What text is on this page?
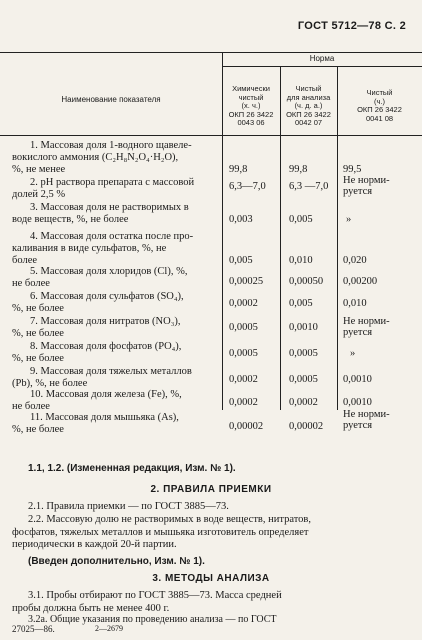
ГОСТ 5712—78 С. 2
Норма
Наименование показателя
Химически
чистый
(х. ч.)
ОКП 26 3422
0043 06
Чистый
для анализа
(ч. д. а.)
ОКП 26 3422
0042 07
Чистый
(ч.)
ОКП 26 3422
0041 08
1. Массовая доля 1-водного щавеле-
вокислого аммония (C₂H₈N₂O₄·H₂O),
%, не менее	99,8	99,8	99,5
2. pH раствора препарата с массовой
долей 2,5 %
6,3—7,0 6,3 —7,0
Не норми-
руется
3. Массовая доля не растворимых в
воде веществ, %, не более	0,003	0,005	»
4. Массовая доля остатка после про-
каливания в виде сульфатов, %, не
более	0,005	0,010	0,020
5. Массовая доля хлоридов (Cl), %,
не более	0,00025 0,00050 0,00200
6. Массовая доля сульфатов (SO₄),
%, не более	0,0002	0,005	0,010
7. Массовая доля нитратов (NO₃),
%, не более
0,0005	0,0010
Не норми-
руется
8. Массовая доля фосфатов (PO₄),
%, не более	0,0005	0,0005	»
9. Массовая доля тяжелых металлов
(Pb), %, не более	0,0002	0,0005 0,0010
10. Массовая доля железа (Fe), %,
не более	0,0002	0,0002 0,0010
11. Массовая доля мышьяка (As),
%, не более	0,00002 0,00002
Не норми-
руется
1.1, 1.2. (Измененная редакция, Изм. № 1).
2. ПРАВИЛА ПРИЕМКИ
2.1. Правила приемки — по ГОСТ 3885—73.
2.2. Массовую долю не растворимых в воде веществ, нитратов,
фосфатов, тяжелых металлов и мышьяка изготовитель определяет
периодически в каждой 20-й партии.
(Введен дополнительно, Изм. № 1).
3. МЕТОДЫ АНАЛИЗА
3.1. Пробы отбирают по ГОСТ 3885—73. Масса средней
пробы должна быть не менее 400 г.
3.2а. Общие указания по проведению анализа — по ГОСТ
27025—86.	2—2679
